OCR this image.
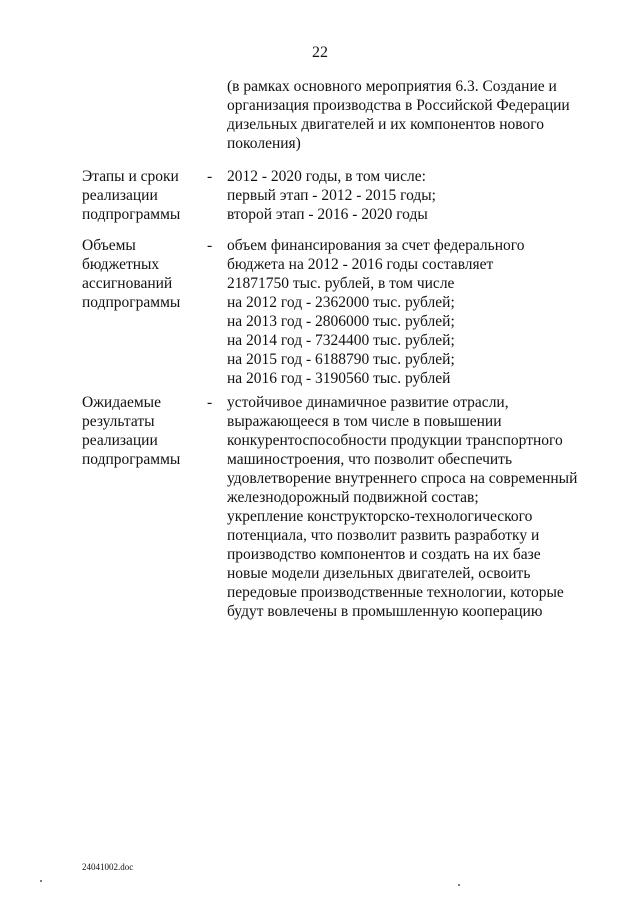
22
(в рамках основного мероприятия 6.3. Создание и
организация производства в Российской Федерации
дизельных двигателей и их компонентов нового
поколения)
Этапы и сроки
реализации
подпрограммы
- 2012 - 2020 годы, в том числе:
первый этап - 2012 - 2015 годы;
второй этап - 2016 - 2020 годы
Объемы
бюджетных
ассигнований
подпрограммы
- объем финансирования за счет федерального
бюджета на 2012 - 2016 годы составляет
21871750 тыс. рублей, в том числе
на 2012 год - 2362000 тыс. рублей;
на 2013 год - 2806000 тыс. рублей;
на 2014 год - 7324400 тыс. рублей;
на 2015 год - 6188790 тыс. рублей;
на 2016 год - 3190560 тыс. рублей
Ожидаемые
результаты
реализации
подпрограммы
- устойчивое динамичное развитие отрасли,
выражающееся в том числе в повышении
конкурентоспособности продукции транспортного
машиностроения, что позволит обеспечить
удовлетворение внутреннего спроса на современный
железнодорожный подвижной состав;
укрепление конструкторско-технологического
потенциала, что позволит развить разработку и
производство компонентов и создать на их базе
новые модели дизельных двигателей, освоить
передовые производственные технологии, которые
будут вовлечены в промышленную кооперацию
24041002.doc
